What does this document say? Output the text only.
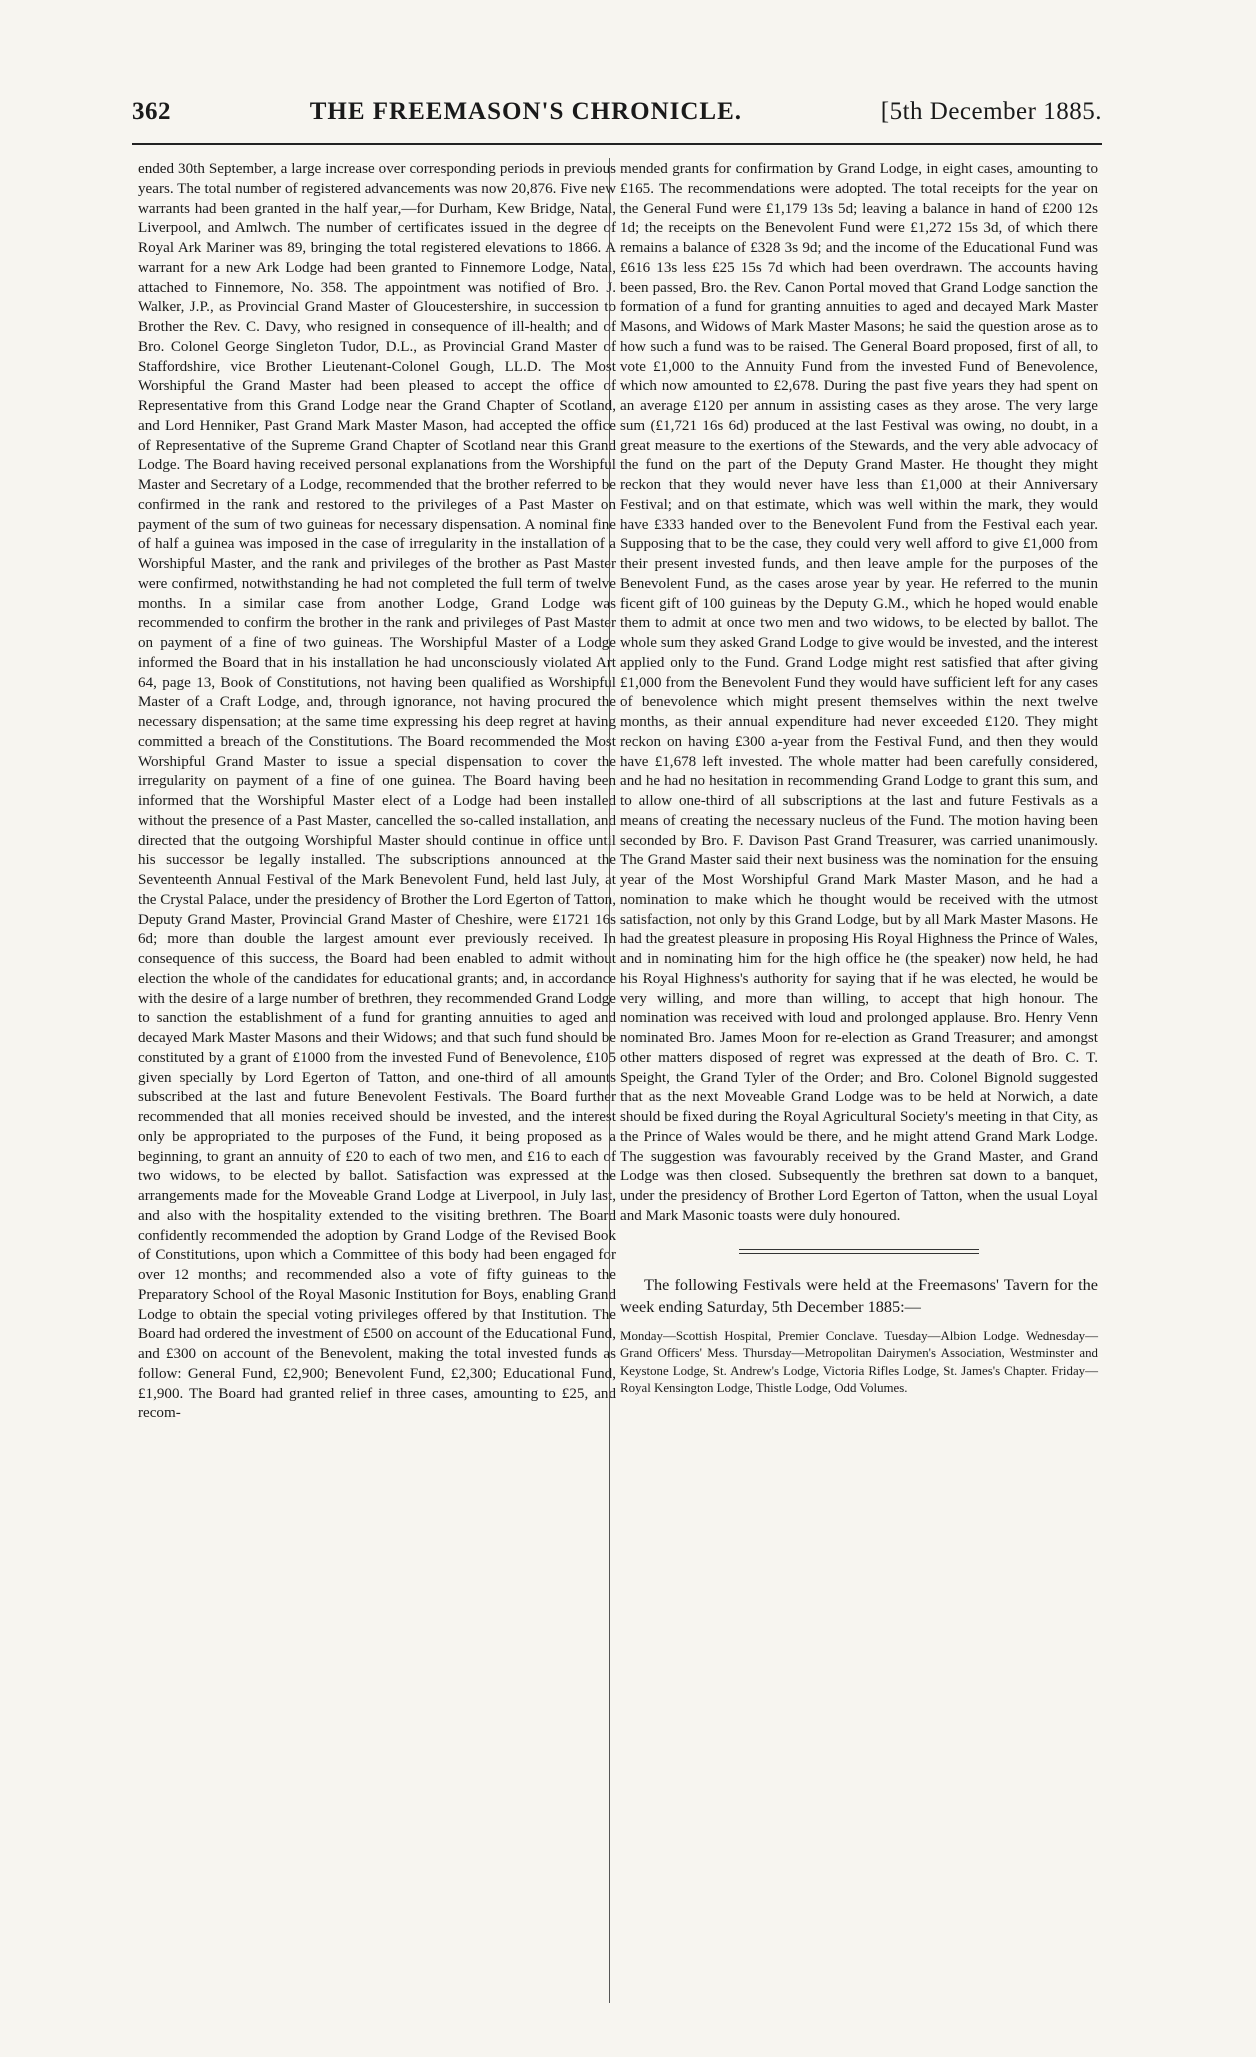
362	THE FREEMASON'S CHRONICLE.	[5th December 1885.

ended 30th September, a large increase over corresponding periods in previous years. The total number of registered advancements was now 20,876. Five new warrants had been granted in the half year,—for Durham, Kew Bridge, Natal, Liverpool, and Amlwch. The number of certificates issued in the degree of Royal Ark Mariner was 89, bringing the total registered elevations to 1866. A warrant for a new Ark Lodge had been granted to Finnemore Lodge, Natal, attached to Finnemore, No. 358. The appointment was notified of Bro. J. Walker, J.P., as Provincial Grand Master of Gloucestershire, in succession to Brother the Rev. C. Davy, who resigned in consequence of ill-health; and of Bro. Colonel George Singleton Tudor, D.L., as Provincial Grand Master of Staffordshire, vice Brother Lieutenant-Colonel Gough, LL.D. The Most Worshipful the Grand Master had been pleased to accept the office of Representative from this Grand Lodge near the Grand Chapter of Scotland, and Lord Henniker, Past Grand Mark Master Mason, had accepted the office of Representative of the Supreme Grand Chapter of Scotland near this Grand Lodge. The Board having received personal explanations from the Worshipful Master and Secretary of a Lodge, recommended that the brother referred to be confirmed in the rank and restored to the privileges of a Past Master on payment of the sum of two guineas for necessary dispensation. A nominal fine of half a guinea was imposed in the case of irregularity in the installation of a Worshipful Master, and the rank and privileges of the brother as Past Master were confirmed, notwithstanding he had not completed the full term of twelve months. In a similar case from another Lodge, Grand Lodge was recommended to confirm the brother in the rank and privileges of Past Master on payment of a fine of two guineas. The Worshipful Master of a Lodge informed the Board that in his installation he had unconsciously violated Art 64, page 13, Book of Constitutions, not having been qualified as Worshipful Master of a Craft Lodge, and, through ignorance, not having procured the necessary dispensation; at the same time expressing his deep regret at having committed a breach of the Constitutions. The Board recommended the Most Worshipful Grand Master to issue a special dispensation to cover the irregularity on payment of a fine of one guinea. The Board having been informed that the Worshipful Master elect of a Lodge had been installed without the presence of a Past Master, cancelled the so-called installation, and directed that the outgoing Worshipful Master should continue in office until his successor be legally installed. The subscriptions announced at the Seventeenth Annual Festival of the Mark Benevolent Fund, held last July, at the Crystal Palace, under the presidency of Brother the Lord Egerton of Tatton, Deputy Grand Master, Provincial Grand Master of Cheshire, were £1721 16s 6d; more than double the largest amount ever previously received. In consequence of this success, the Board had been enabled to admit without election the whole of the candidates for educational grants; and, in accordance with the desire of a large number of brethren, they recommended Grand Lodge to sanction the establishment of a fund for granting annuities to aged and decayed Mark Master Masons and their Widows; and that such fund should be constituted by a grant of £1000 from the invested Fund of Benevolence, £105 given specially by Lord Egerton of Tatton, and one-third of all amounts subscribed at the last and future Benevolent Festivals. The Board further recommended that all monies received should be invested, and the interest only be appropriated to the purposes of the Fund, it being proposed as a beginning, to grant an annuity of £20 to each of two men, and £16 to each of two widows, to be elected by ballot. Satisfaction was expressed at the arrangements made for the Moveable Grand Lodge at Liverpool, in July last, and also with the hospitality extended to the visiting brethren. The Board confidently recommended the adoption by Grand Lodge of the Revised Book of Constitutions, upon which a Committee of this body had been engaged for over 12 months; and recommended also a vote of fifty guineas to the Preparatory School of the Royal Masonic Institution for Boys, enabling Grand Lodge to obtain the special voting privileges offered by that Institution. The Board had ordered the investment of £500 on account of the Educational Fund, and £300 on account of the Benevolent, making the total invested funds as follow: General Fund, £2,900; Benevolent Fund, £2,300; Educational Fund, £1,900. The Board had granted relief in three cases, amounting to £25, and recom-

mended grants for confirmation by Grand Lodge, in eight cases, amounting to £165. The recommendations were adopted. The total receipts for the year on the General Fund were £1,179 13s 5d; leaving a balance in hand of £200 12s 1d; the receipts on the Benevolent Fund were £1,272 15s 3d, of which there remains a balance of £328 3s 9d; and the income of the Educational Fund was £616 13s less £25 15s 7d which had been overdrawn. The accounts having been passed, Bro. the Rev. Canon Portal moved that Grand Lodge sanction the formation of a fund for granting annuities to aged and decayed Mark Master Masons, and Widows of Mark Master Masons; he said the question arose as to how such a fund was to be raised. The General Board proposed, first of all, to vote £1,000 to the Annuity Fund from the invested Fund of Benevolence, which now amounted to £2,678. During the past five years they had spent on an average £120 per annum in assisting cases as they arose. The very large sum (£1,721 16s 6d) produced at the last Festival was owing, no doubt, in a great measure to the exertions of the Stewards, and the very able advocacy of the fund on the part of the Deputy Grand Master. He thought they might reckon that they would never have less than £1,000 at their Anniversary Festival; and on that estimate, which was well within the mark, they would have £333 handed over to the Benevolent Fund from the Festival each year. Supposing that to be the case, they could very well afford to give £1,000 from their present invested funds, and then leave ample for the purposes of the Benevolent Fund, as the cases arose year by year. He referred to the munin ficent gift of 100 guineas by the Deputy G.M., which he hoped would enable them to admit at once two men and two widows, to be elected by ballot. The whole sum they asked Grand Lodge to give would be invested, and the interest applied only to the Fund. Grand Lodge might rest satisfied that after giving £1,000 from the Benevolent Fund they would have sufficient left for any cases of benevolence which might present themselves within the next twelve months, as their annual expenditure had never exceeded £120. They might reckon on having £300 a-year from the Festival Fund, and then they would have £1,678 left invested. The whole matter had been carefully considered, and he had no hesitation in recommending Grand Lodge to grant this sum, and to allow one-third of all subscriptions at the last and future Festivals as a means of creating the necessary nucleus of the Fund. The motion having been seconded by Bro. F. Davison Past Grand Treasurer, was carried unanimously. The Grand Master said their next business was the nomination for the ensuing year of the Most Worshipful Grand Mark Master Mason, and he had a nomination to make which he thought would be received with the utmost satisfaction, not only by this Grand Lodge, but by all Mark Master Masons. He had the greatest pleasure in proposing His Royal Highness the Prince of Wales, and in nominating him for the high office he (the speaker) now held, he had his Royal Highness's authority for saying that if he was elected, he would be very willing, and more than willing, to accept that high honour. The nomination was received with loud and prolonged applause. Bro. Henry Venn nominated Bro. James Moon for re-election as Grand Treasurer; and amongst other matters disposed of regret was expressed at the death of Bro. C. T. Speight, the Grand Tyler of the Order; and Bro. Colonel Bignold suggested that as the next Moveable Grand Lodge was to be held at Norwich, a date should be fixed during the Royal Agricultural Society's meeting in that City, as the Prince of Wales would be there, and he might attend Grand Mark Lodge. The suggestion was favourably received by the Grand Master, and Grand Lodge was then closed. Subsequently the brethren sat down to a banquet, under the presidency of Brother Lord Egerton of Tatton, when the usual Loyal and Mark Masonic toasts were duly honoured.

The following Festivals were held at the Freemasons' Tavern for the week ending Saturday, 5th December 1885:—

Monday—Scottish Hospital, Premier Conclave. Tuesday—Albion Lodge. Wednesday—Grand Officers' Mess. Thursday—Metropolitan Dairymen's Association, Westminster and Keystone Lodge, St. Andrew's Lodge, Victoria Rifles Lodge, St. James's Chapter. Friday—Royal Kensington Lodge, Thistle Lodge, Odd Volumes.
